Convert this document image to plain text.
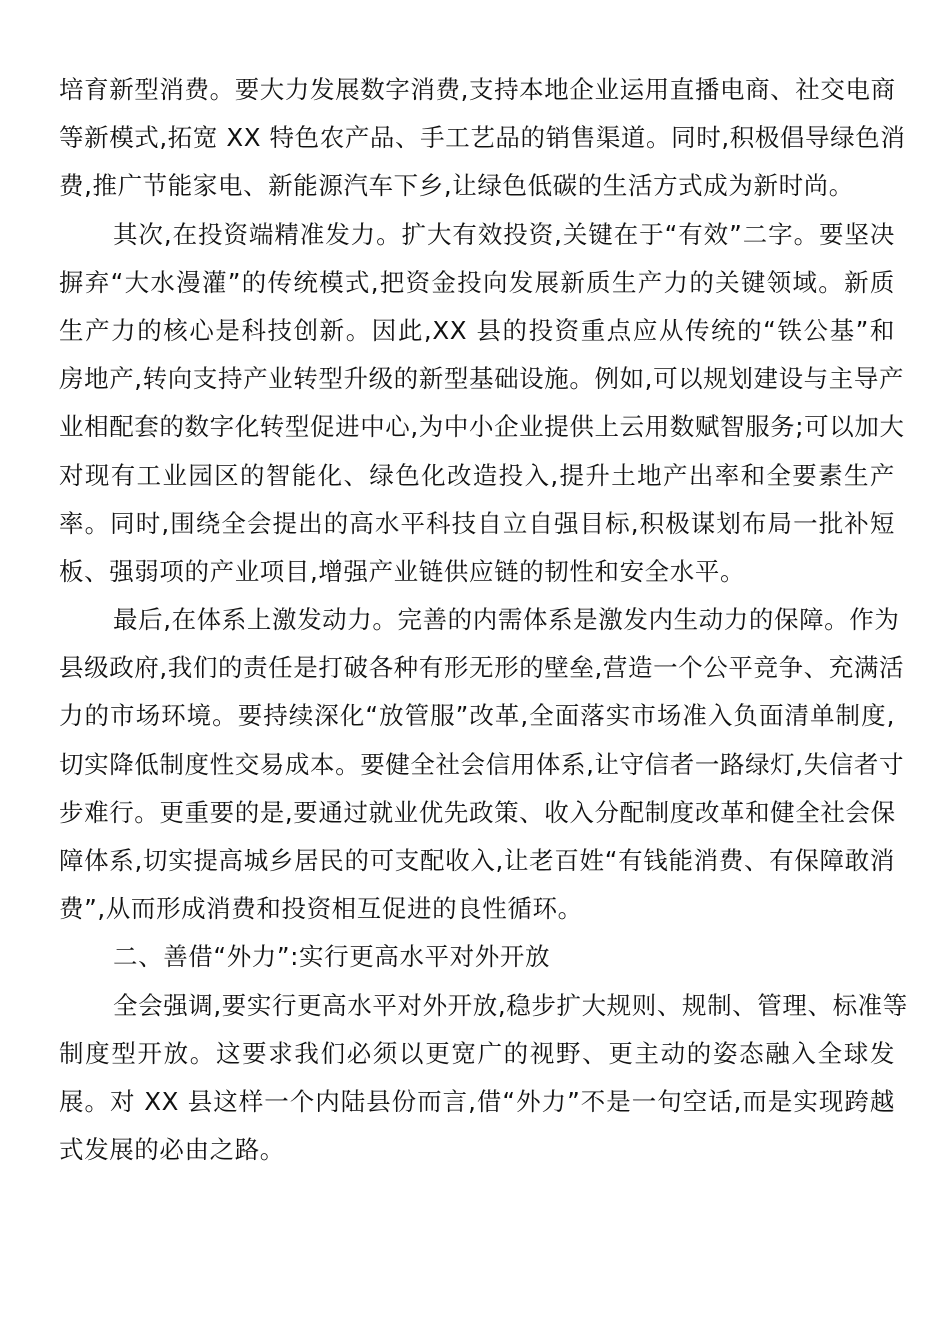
培育新型消费。要大力发展数字消费,支持本地企业运用直播电商、社交电商
等新模式,拓宽 XX 特色农产品、手工艺品的销售渠道。同时,积极倡导绿色消
费,推广节能家电、新能源汽车下乡,让绿色低碳的生活方式成为新时尚。
其次,在投资端精准发力。扩大有效投资,关键在于“有效”二字。要坚决
摒弃“大水漫灌”的传统模式,把资金投向发展新质生产力的关键领域。新质
生产力的核心是科技创新。因此,XX 县的投资重点应从传统的“铁公基”和
房地产,转向支持产业转型升级的新型基础设施。例如,可以规划建设与主导产
业相配套的数字化转型促进中心,为中小企业提供上云用数赋智服务;可以加大
对现有工业园区的智能化、绿色化改造投入,提升土地产出率和全要素生产
率。同时,围绕全会提出的高水平科技自立自强目标,积极谋划布局一批补短
板、强弱项的产业项目,增强产业链供应链的韧性和安全水平。
最后,在体系上激发动力。完善的内需体系是激发内生动力的保障。作为
县级政府,我们的责任是打破各种有形无形的壁垒,营造一个公平竞争、充满活
力的市场环境。要持续深化“放管服”改革,全面落实市场准入负面清单制度,
切实降低制度性交易成本。要健全社会信用体系,让守信者一路绿灯,失信者寸
步难行。更重要的是,要通过就业优先政策、收入分配制度改革和健全社会保
障体系,切实提高城乡居民的可支配收入,让老百姓“有钱能消费、有保障敢消
费”,从而形成消费和投资相互促进的良性循环。
二、善借“外力”:实行更高水平对外开放
全会强调,要实行更高水平对外开放,稳步扩大规则、规制、管理、标准等
制度型开放。这要求我们必须以更宽广的视野、更主动的姿态融入全球发
展。对 XX 县这样一个内陆县份而言,借“外力”不是一句空话,而是实现跨越
式发展的必由之路。
